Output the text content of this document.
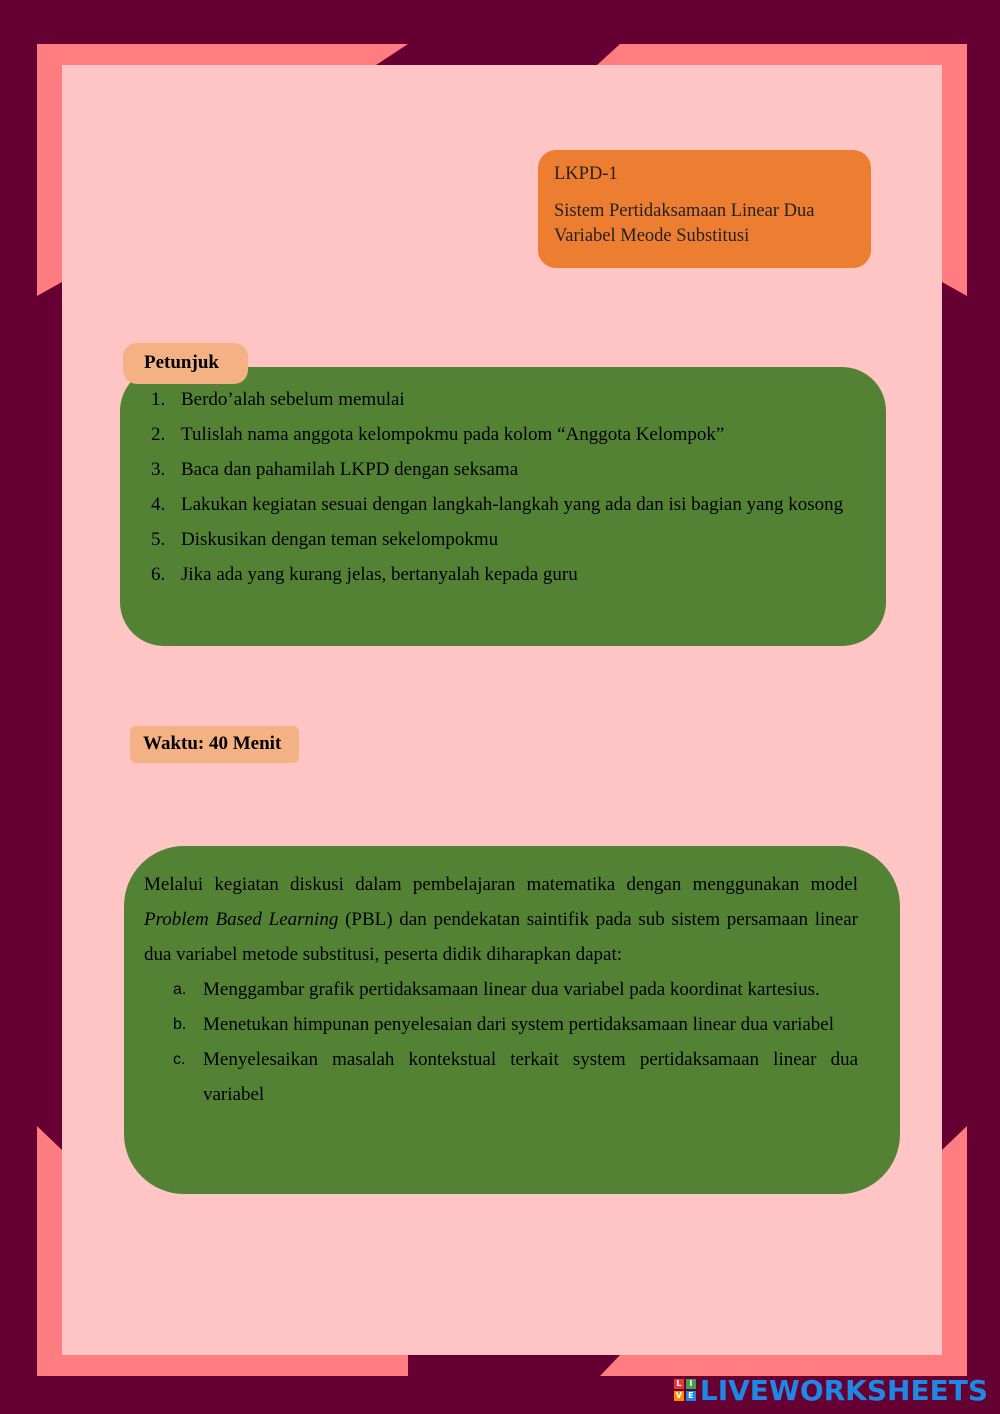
LKPD-1
Sistem Pertidaksamaan Linear Dua Variabel Meode Substitusi
Petunjuk
1. Berdo’alah sebelum memulai
2. Tulislah nama anggota kelompokmu pada kolom “Anggota Kelompok”
3. Baca dan pahamilah LKPD dengan seksama
4. Lakukan kegiatan sesuai dengan langkah-langkah yang ada dan isi bagian yang kosong
5. Diskusikan dengan teman sekelompokmu
6. Jika ada yang kurang jelas, bertanyalah kepada guru
Waktu: 40 Menit

Melalui kegiatan diskusi dalam pembelajaran matematika dengan menggunakan model Problem Based Learning (PBL) dan pendekatan saintifik pada sub sistem persamaan linear dua variabel metode substitusi, peserta didik diharapkan dapat:

a. Menggambar grafik pertidaksamaan linear dua variabel pada koordinat kartesius.
b. Menetukan himpunan penyelesaian dari system pertidaksamaan linear dua variabel
c. Menyelesaikan masalah kontekstual terkait system pertidaksamaan linear dua variabel
L I
V E LIVEWORKSHEETS
